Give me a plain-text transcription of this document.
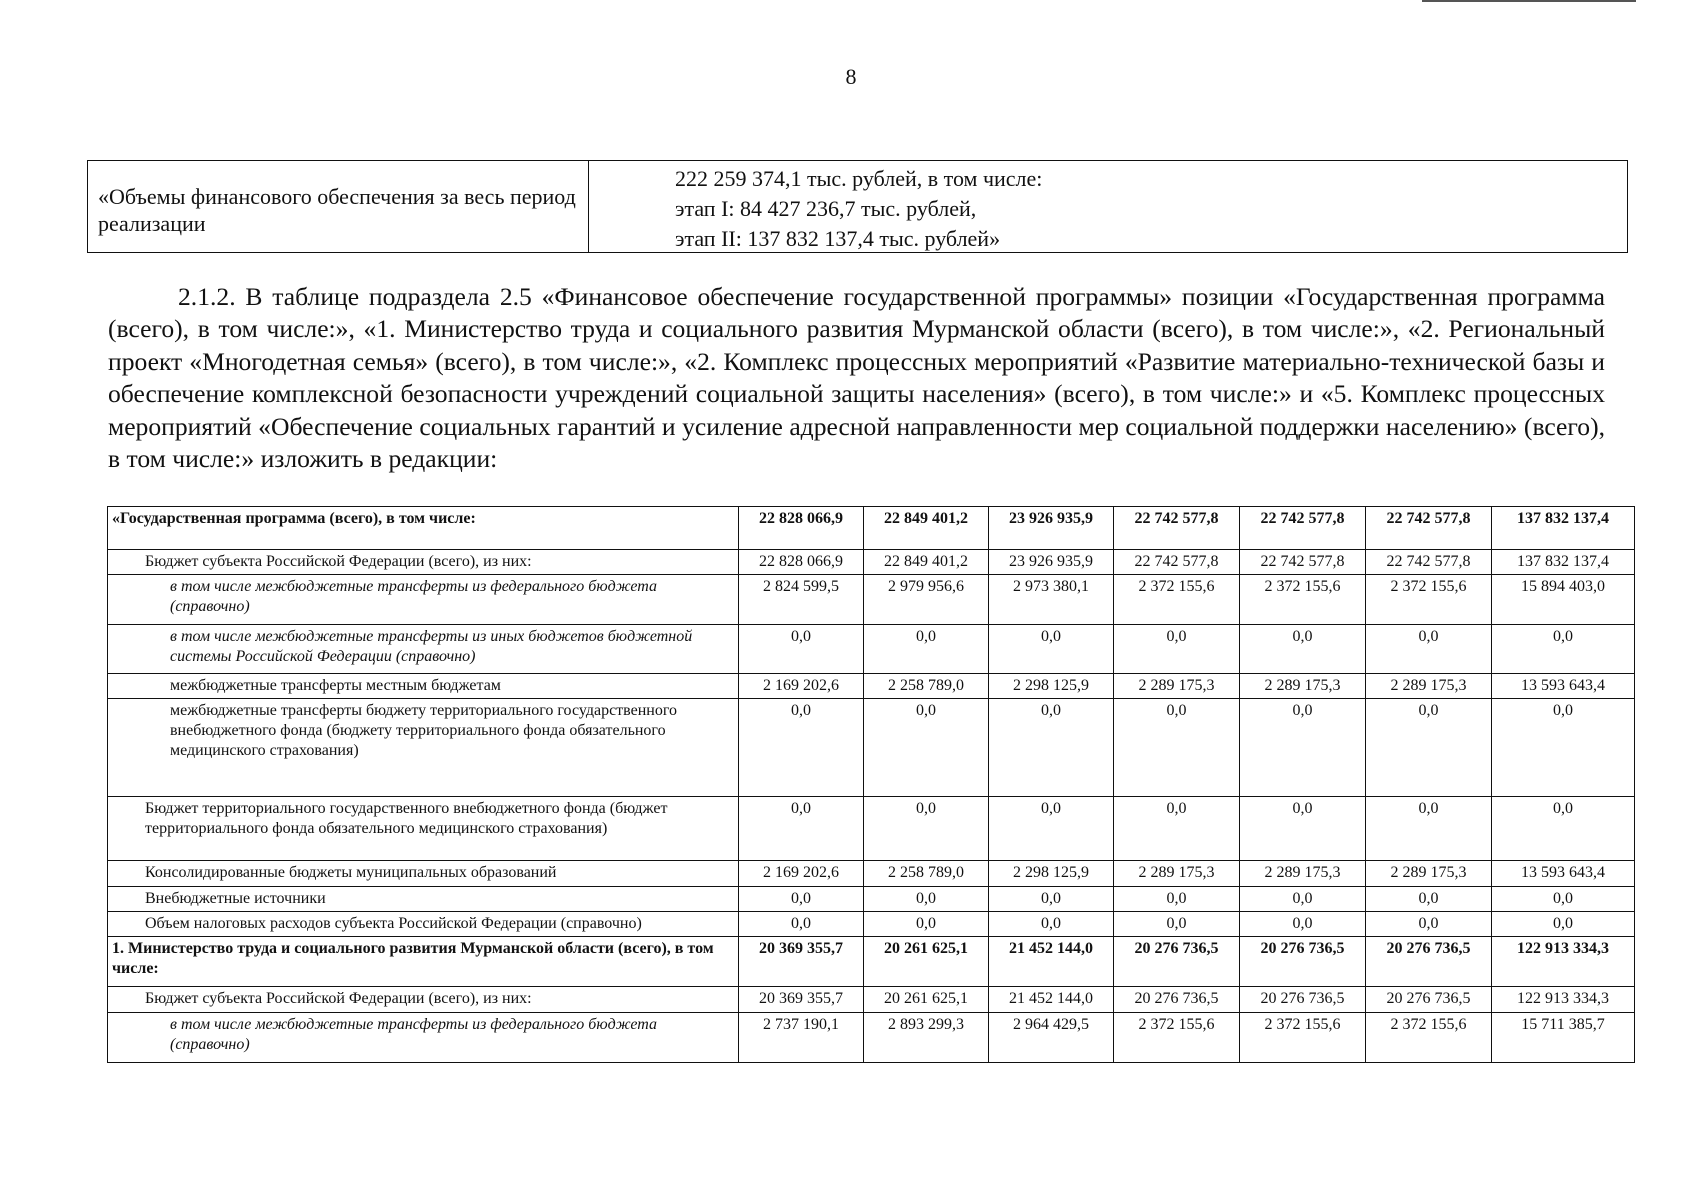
8
«Объемы финансового обеспечения за весь период реализации
222 259 374,1 тыс. рублей, в том числе:
этап I: 84 427 236,7 тыс. рублей,
этап II: 137 832 137,4 тыс. рублей»

2.1.2. В таблице подраздела 2.5 «Финансовое обеспечение государственной программы» позиции «Государственная программа (всего), в том числе:», «1. Министерство труда и социального развития Мурманской области (всего), в том числе:», «2. Региональный проект «Многодетная семья» (всего), в том числе:», «2. Комплекс процессных мероприятий «Развитие материально-технической базы и обеспечение комплексной безопасности учреждений социальной защиты населения» (всего), в том числе:» и «5. Комплекс процессных мероприятий «Обеспечение социальных гарантий и усиление адресной направленности мер социальной поддержки населению» (всего), в том числе:» изложить в редакции:

«Государственная программа (всего), в том числе:	22 828 066,9	22 849 401,2	23 926 935,9	22 742 577,8	22 742 577,8	22 742 577,8	137 832 137,4
Бюджет субъекта Российской Федерации (всего), из них:	22 828 066,9	22 849 401,2	23 926 935,9	22 742 577,8	22 742 577,8	22 742 577,8	137 832 137,4
в том числе межбюджетные трансферты из федерального бюджета (справочно)	2 824 599,5	2 979 956,6	2 973 380,1	2 372 155,6	2 372 155,6	2 372 155,6	15 894 403,0
в том числе межбюджетные трансферты из иных бюджетов бюджетной системы Российской Федерации (справочно)	0,0	0,0	0,0	0,0	0,0	0,0	0,0
межбюджетные трансферты местным бюджетам	2 169 202,6	2 258 789,0	2 298 125,9	2 289 175,3	2 289 175,3	2 289 175,3	13 593 643,4
межбюджетные трансферты бюджету территориального государственного внебюджетного фонда (бюджету территориального фонда обязательного медицинского страхования)	0,0	0,0	0,0	0,0	0,0	0,0	0,0
Бюджет территориального государственного внебюджетного фонда (бюджет территориального фонда обязательного медицинского страхования)	0,0	0,0	0,0	0,0	0,0	0,0	0,0
Консолидированные бюджеты муниципальных образований	2 169 202,6	2 258 789,0	2 298 125,9	2 289 175,3	2 289 175,3	2 289 175,3	13 593 643,4
Внебюджетные источники	0,0	0,0	0,0	0,0	0,0	0,0	0,0
Объем налоговых расходов субъекта Российской Федерации (справочно)	0,0	0,0	0,0	0,0	0,0	0,0	0,0
1. Министерство труда и социального развития Мурманской области (всего), в том числе:	20 369 355,7	20 261 625,1	21 452 144,0	20 276 736,5	20 276 736,5	20 276 736,5	122 913 334,3
Бюджет субъекта Российской Федерации (всего), из них:	20 369 355,7	20 261 625,1	21 452 144,0	20 276 736,5	20 276 736,5	20 276 736,5	122 913 334,3
в том числе межбюджетные трансферты из федерального бюджета (справочно)	2 737 190,1	2 893 299,3	2 964 429,5	2 372 155,6	2 372 155,6	2 372 155,6	15 711 385,7
